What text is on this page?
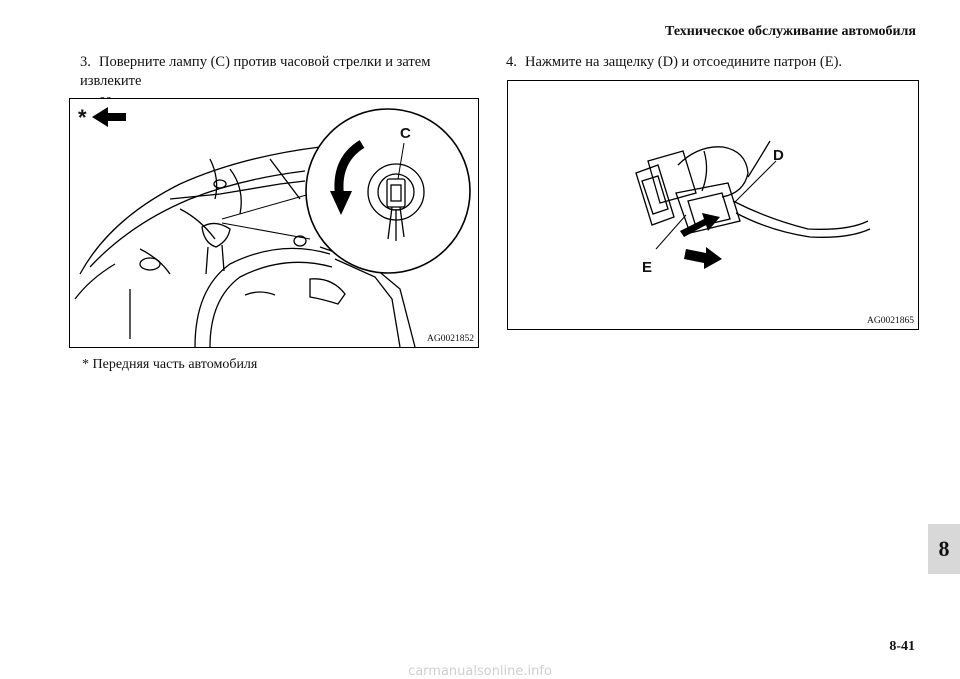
Техническое обслуживание автомобиля
3. Поверните лампу (C) против часовой стрелки и затем извлеките
4. Нажмите на защелку (D) и отсоедините патрон (E).
*
C
AG0021852
D
E
AG0021865
* Передняя часть автомобиля
8
8-41
carmanualsonline.info
